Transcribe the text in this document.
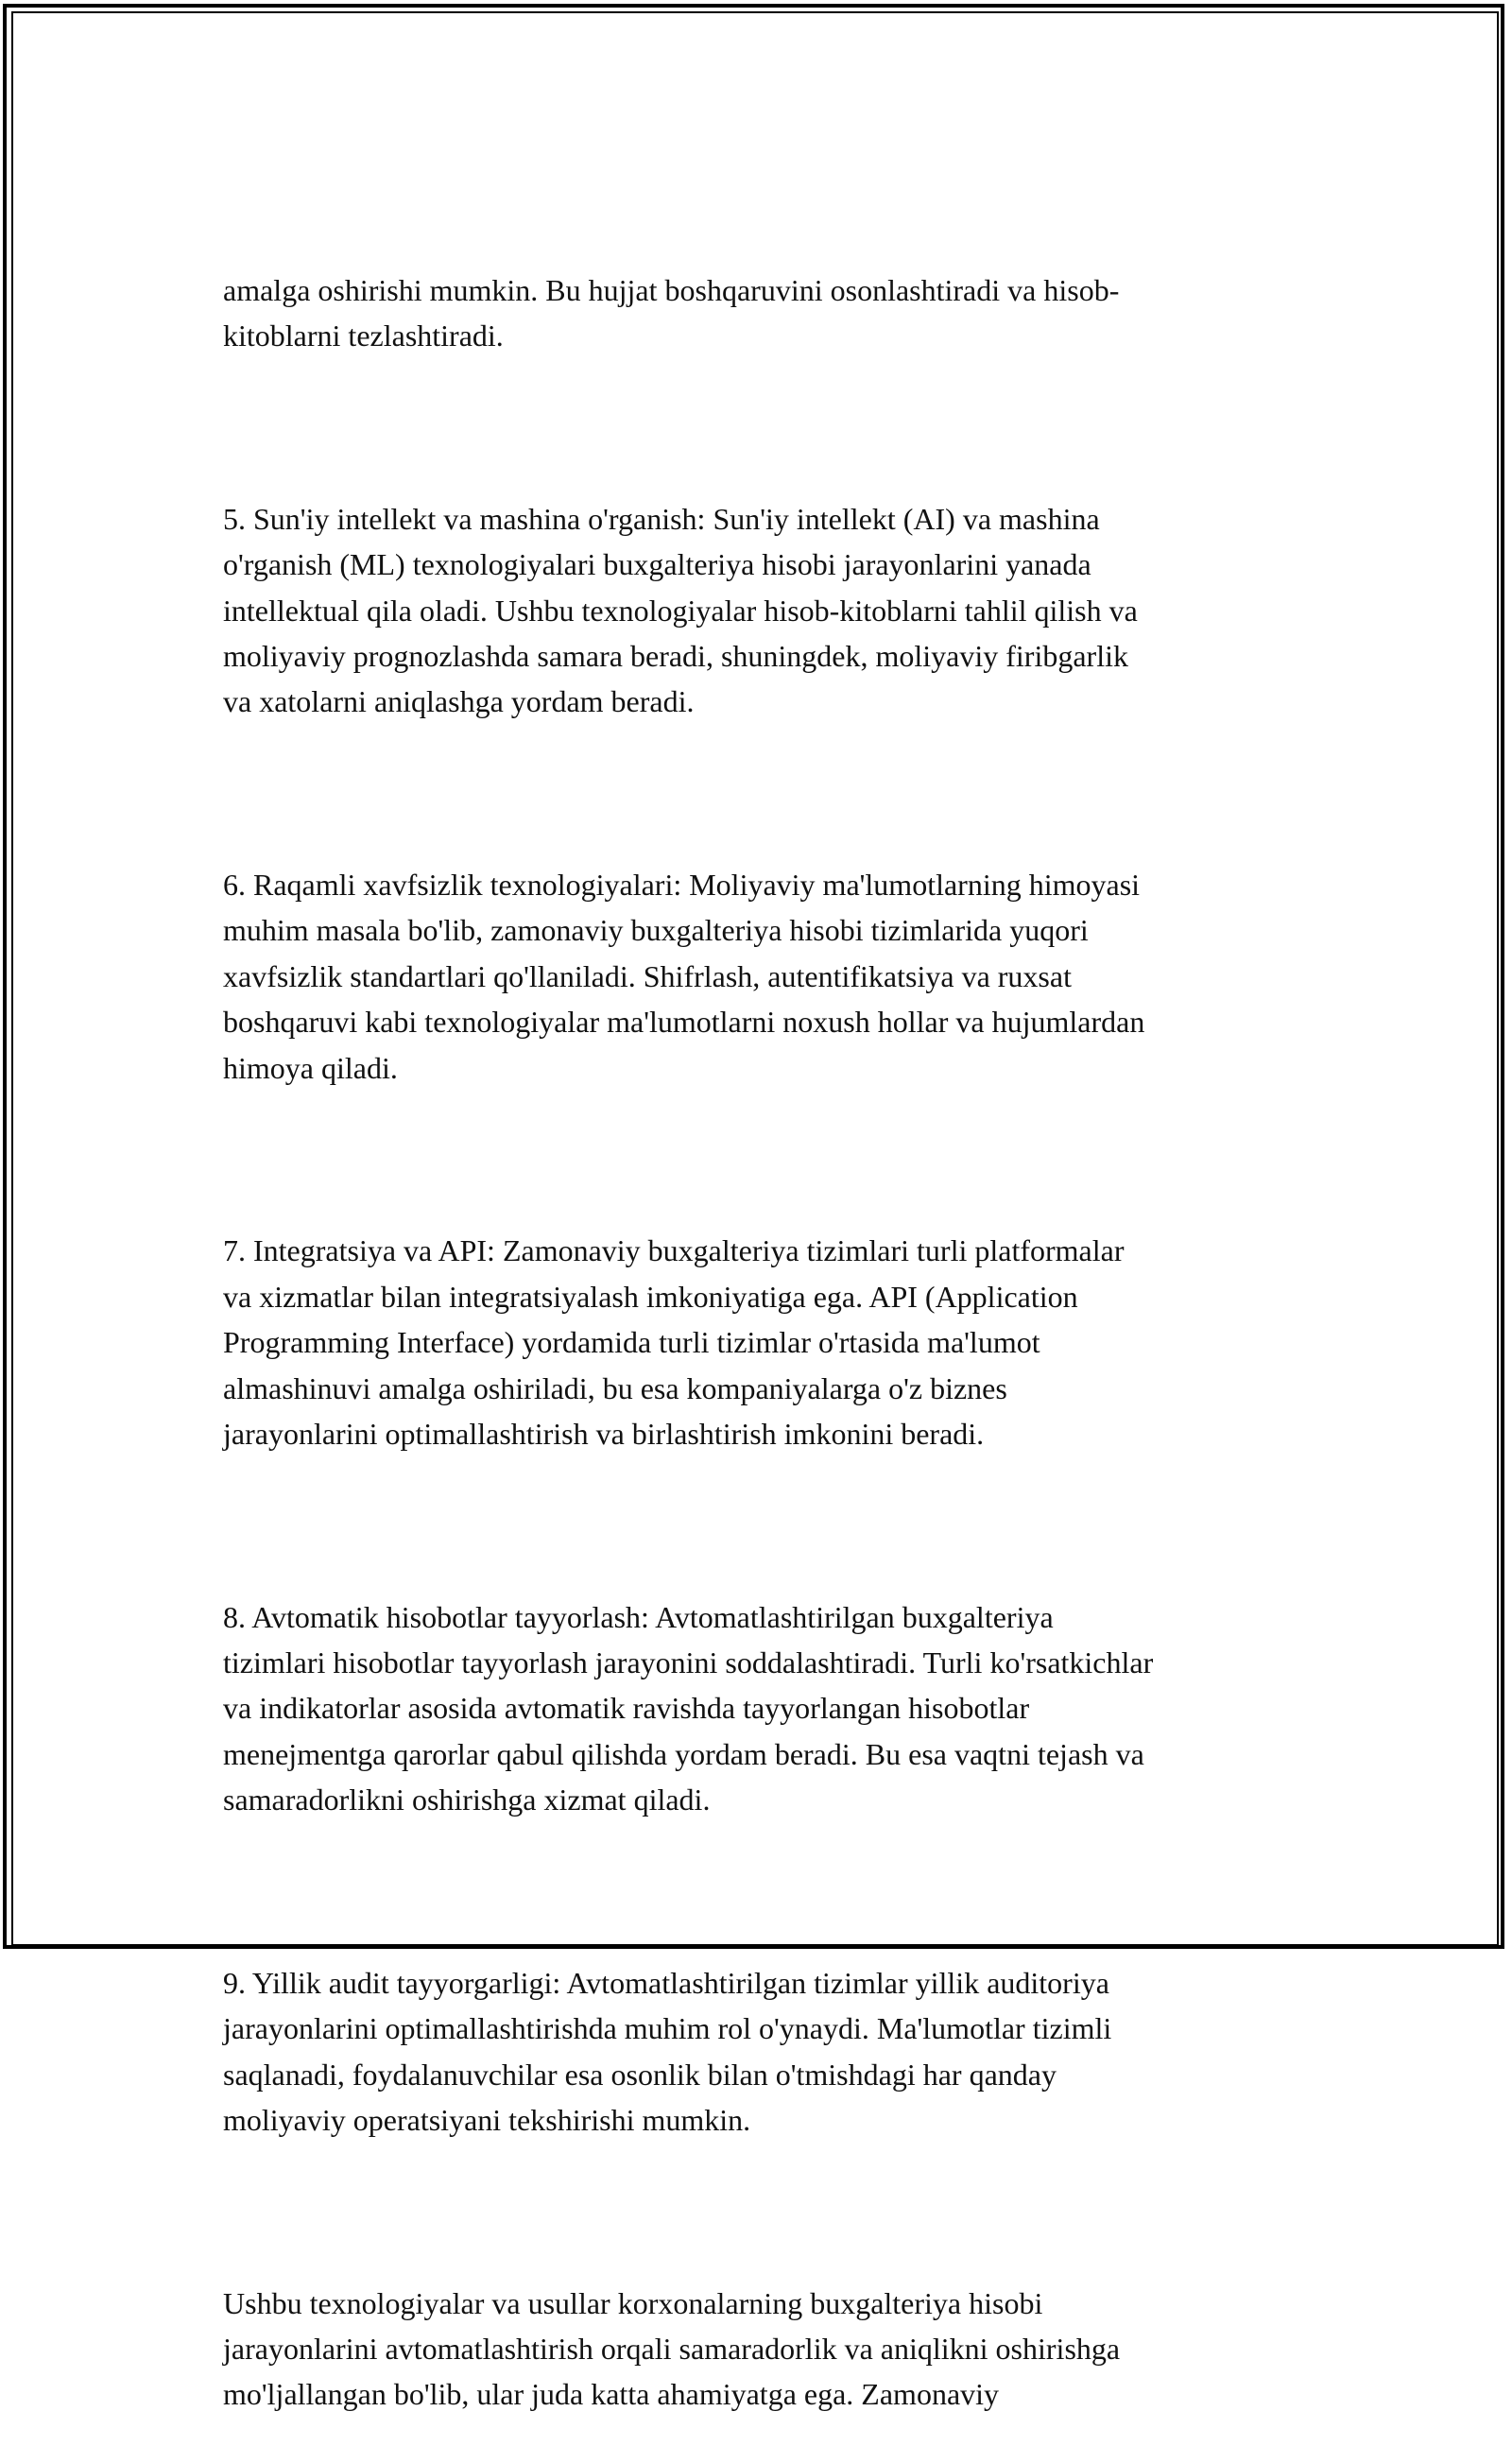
amalga oshirishi mumkin. Bu hujjat boshqaruvini osonlashtiradi va hisob-
kitoblarni tezlashtiradi.

5. Sun'iy intellekt va mashina o'rganish: Sun'iy intellekt (AI) va mashina
o'rganish (ML) texnologiyalari buxgalteriya hisobi jarayonlarini yanada
intellektual qila oladi. Ushbu texnologiyalar hisob-kitoblarni tahlil qilish va
moliyaviy prognozlashda samara beradi, shuningdek, moliyaviy firibgarlik
va xatolarni aniqlashga yordam beradi.

6. Raqamli xavfsizlik texnologiyalari: Moliyaviy ma'lumotlarning himoyasi
muhim masala bo'lib, zamonaviy buxgalteriya hisobi tizimlarida yuqori
xavfsizlik standartlari qo'llaniladi. Shifrlash, autentifikatsiya va ruxsat
boshqaruvi kabi texnologiyalar ma'lumotlarni noxush hollar va hujumlardan
himoya qiladi.

7. Integratsiya va API: Zamonaviy buxgalteriya tizimlari turli platformalar
va xizmatlar bilan integratsiyalash imkoniyatiga ega. API (Application
Programming Interface) yordamida turli tizimlar o'rtasida ma'lumot
almashinuvi amalga oshiriladi, bu esa kompaniyalarga o'z biznes
jarayonlarini optimallashtirish va birlashtirish imkonini beradi.

8. Avtomatik hisobotlar tayyorlash: Avtomatlashtirilgan buxgalteriya
tizimlari hisobotlar tayyorlash jarayonini soddalashtiradi. Turli ko'rsatkichlar
va indikatorlar asosida avtomatik ravishda tayyorlangan hisobotlar
menejmentga qarorlar qabul qilishda yordam beradi. Bu esa vaqtni tejash va
samaradorlikni oshirishga xizmat qiladi.

9. Yillik audit tayyorgarligi: Avtomatlashtirilgan tizimlar yillik auditoriya
jarayonlarini optimallashtirishda muhim rol o'ynaydi. Ma'lumotlar tizimli
saqlanadi, foydalanuvchilar esa osonlik bilan o'tmishdagi har qanday
moliyaviy operatsiyani tekshirishi mumkin.

Ushbu texnologiyalar va usullar korxonalarning buxgalteriya hisobi
jarayonlarini avtomatlashtirish orqali samaradorlik va aniqlikni oshirishga
mo'ljallangan bo'lib, ular juda katta ahamiyatga ega. Zamonaviy
